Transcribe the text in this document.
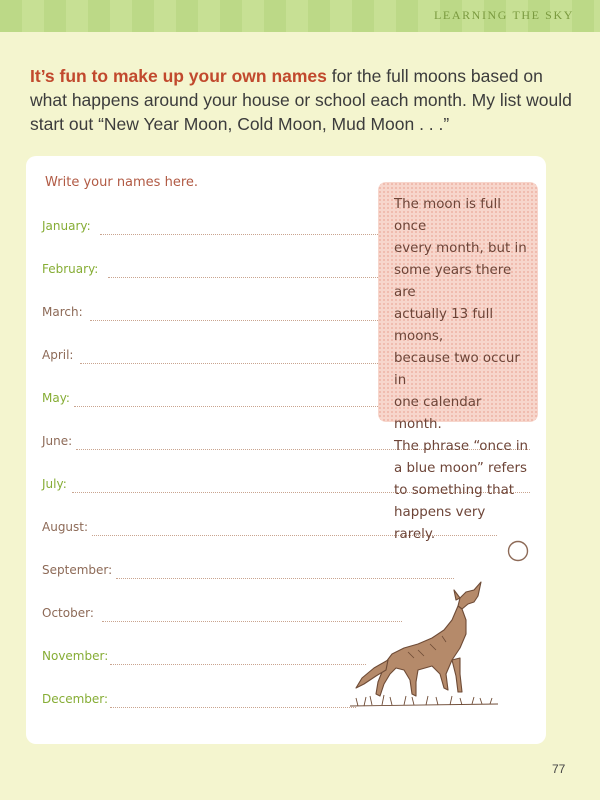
LEARNING THE SKY
It’s fun to make up your own names for the full moons based on what happens around your house or school each month. My list would start out “New Year Moon, Cold Moon, Mud Moon . . .”
Write your names here.
January:
February:
March:
April:
May:
June:
July:
August:
September:
October:
November:
December:
The moon is full once
every month, but in
some years there are
actually 13 full moons,
because two occur in
one calendar month.
The phrase “once in
a blue moon” refers
to something that
happens very rarely.
77
